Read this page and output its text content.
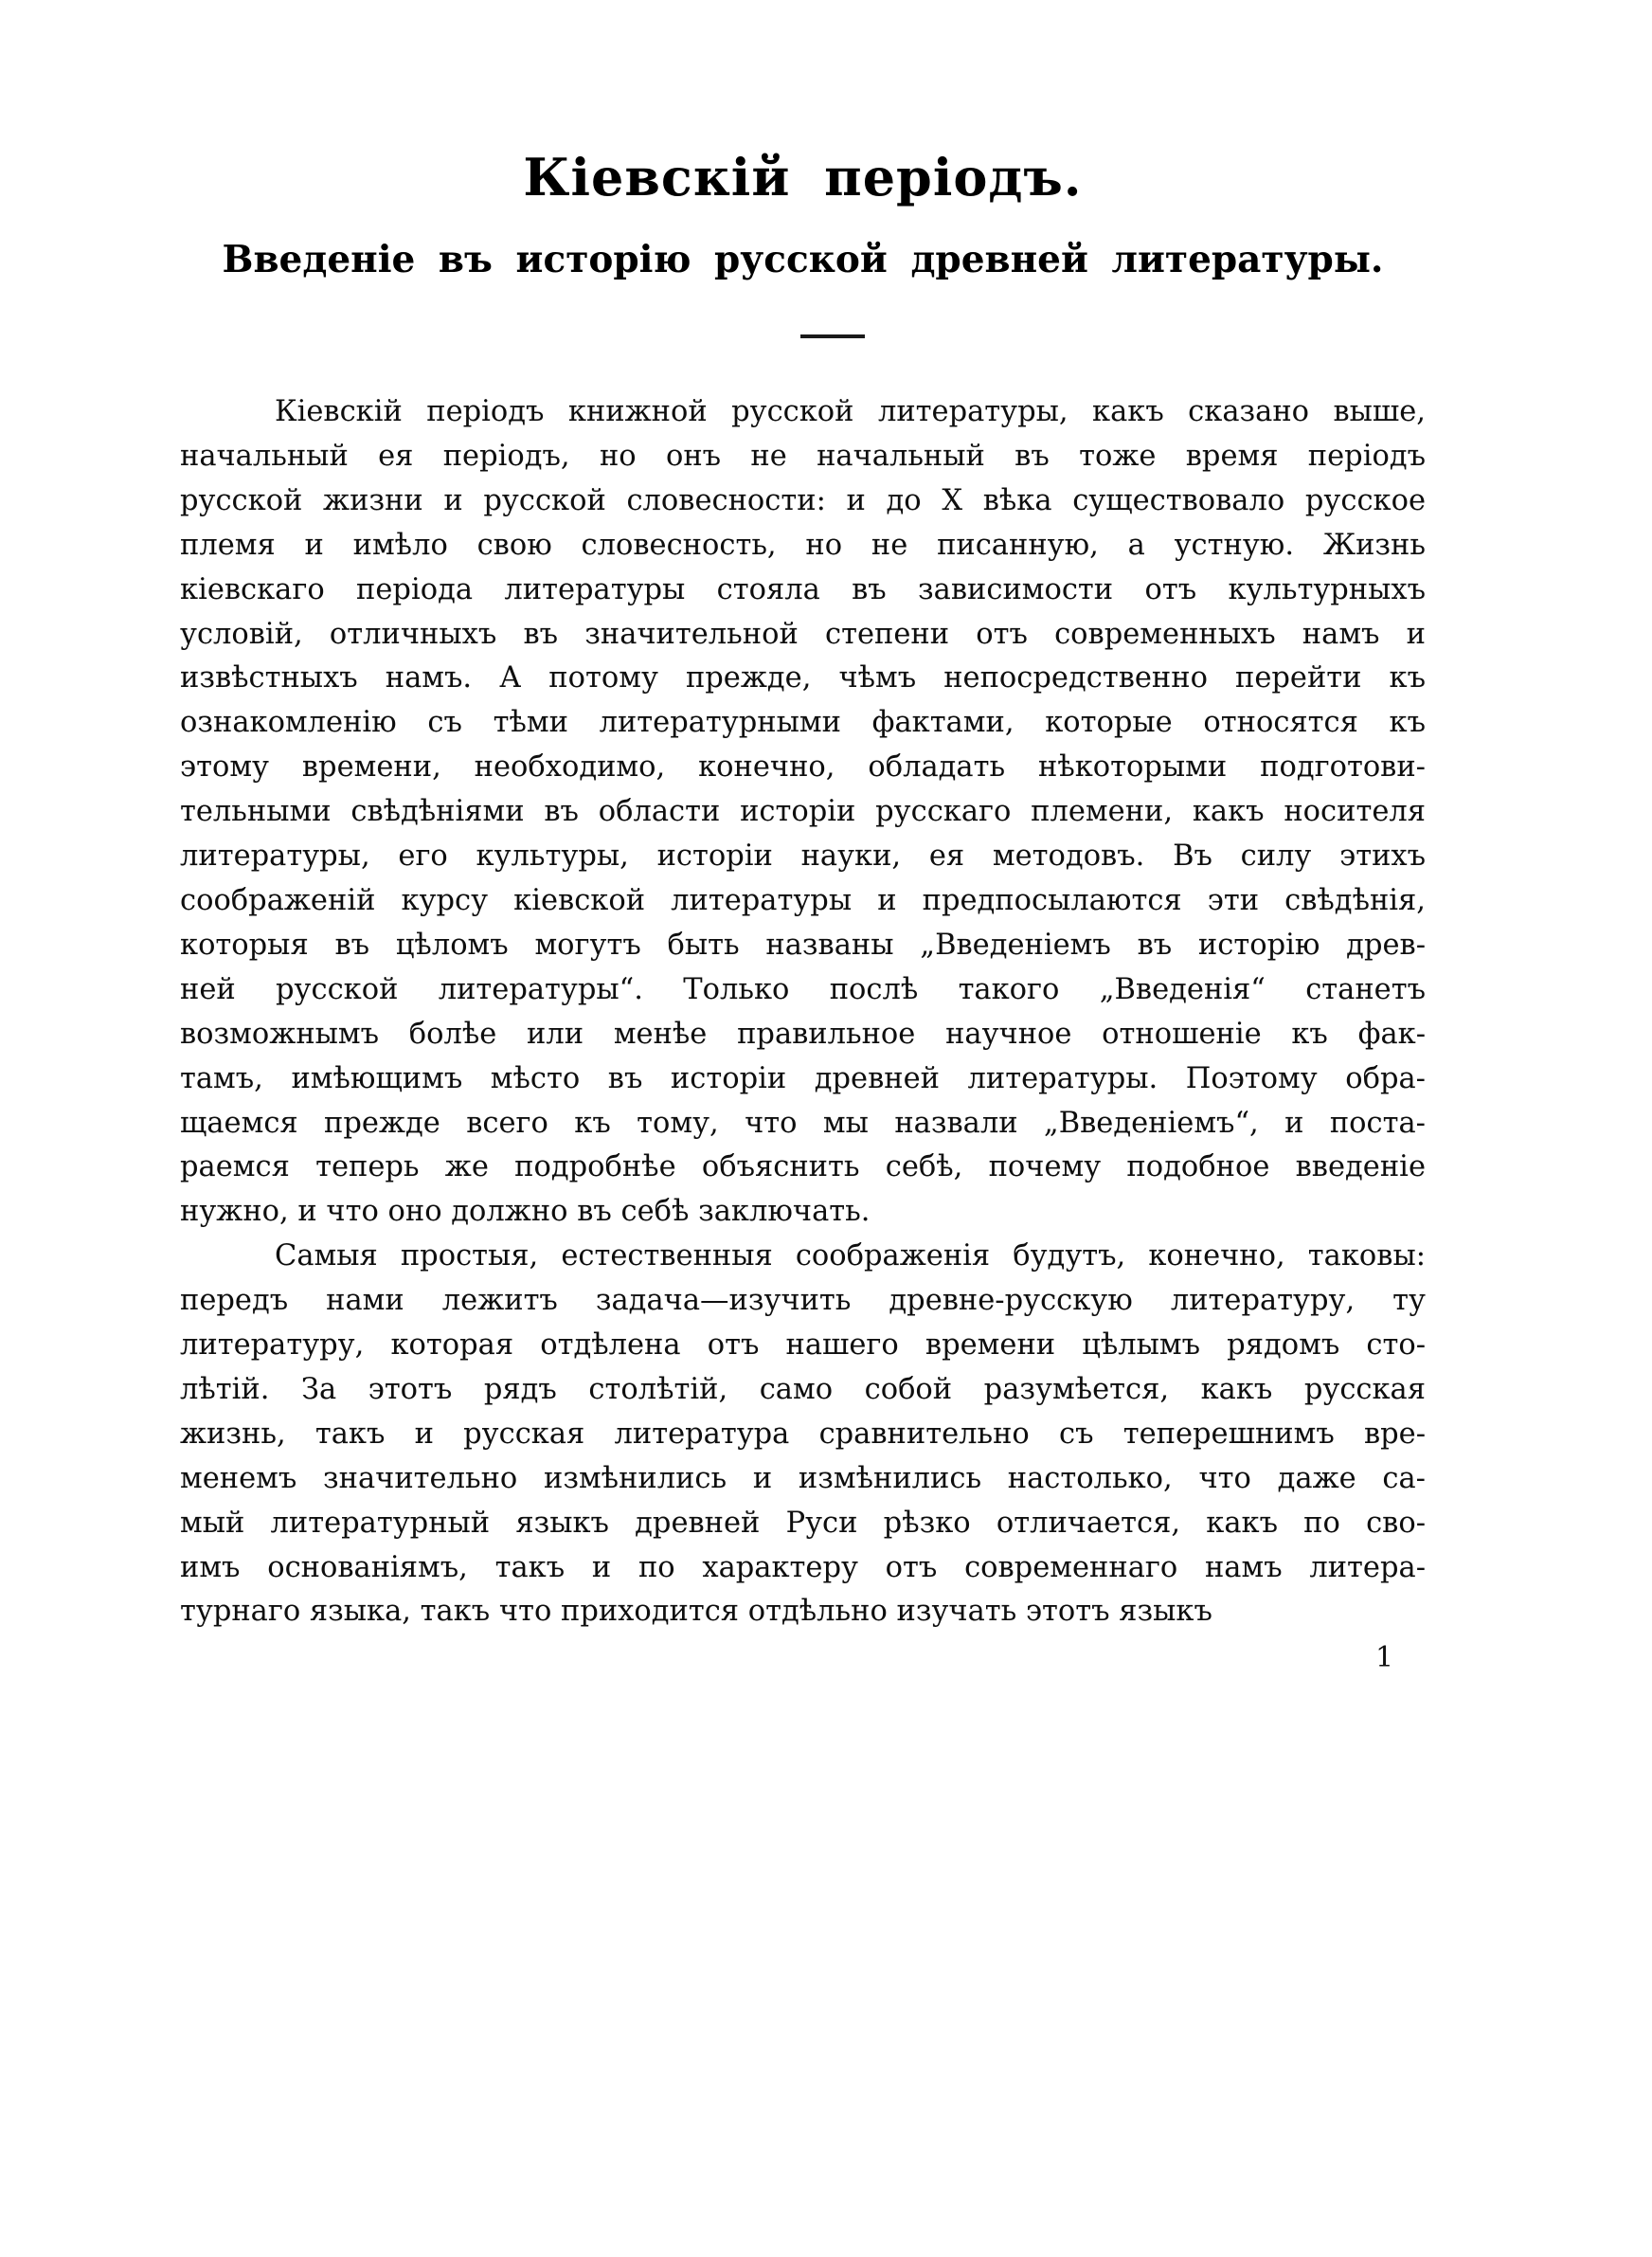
Кіевскій періодъ.
Введеніе въ исторію русской древней литературы.
Кіевскій періодъ книжной русской литературы, какъ сказано выше,
начальный ея періодъ, но онъ не начальный въ тоже время періодъ
русской жизни и русской словесности: и до X вѣка существовало русское
племя и имѣло свою словесность, но не писанную, а устную. Жизнь
кіевскаго періода литературы стояла въ зависимости отъ культурныхъ
условій, отличныхъ въ значительной степени отъ современныхъ намъ и
извѣстныхъ намъ. А потому прежде, чѣмъ непосредственно перейти къ
ознакомленію съ тѣми литературными фактами, которые относятся къ
этому времени, необходимо, конечно, обладать нѣкоторыми подготови-
тельными свѣдѣніями въ области исторіи русскаго племени, какъ носителя
литературы, его культуры, исторіи науки, ея методовъ. Въ силу этихъ
соображеній курсу кіевской литературы и предпосылаются эти свѣдѣнія,
которыя въ цѣломъ могутъ быть названы „Введеніемъ въ исторію древ-
ней русской литературы“. Только послѣ такого „Введенія“ станетъ
возможнымъ болѣе или менѣе правильное научное отношеніе къ фак-
тамъ, имѣющимъ мѣсто въ исторіи древней литературы. Поэтому обра-
щаемся прежде всего къ тому, что мы назвали „Введеніемъ“, и поста-
раемся теперь же подробнѣе объяснить себѣ, почему подобное введеніе
нужно, и что оно должно въ себѣ заключать.
Самыя простыя, естественныя соображенія будутъ, конечно, таковы:
передъ нами лежитъ задача—изучить древне-русскую литературу, ту
литературу, которая отдѣлена отъ нашего времени цѣлымъ рядомъ сто-
лѣтій. За этотъ рядъ столѣтій, само собой разумѣется, какъ русская
жизнь, такъ и русская литература сравнительно съ теперешнимъ вре-
менемъ значительно измѣнились и измѣнились настолько, что даже са-
мый литературный языкъ древней Руси рѣзко отличается, какъ по сво-
имъ основаніямъ, такъ и по характеру отъ современнаго намъ литера-
турнаго языка, такъ что приходится отдѣльно изучать этотъ языкъ
1
